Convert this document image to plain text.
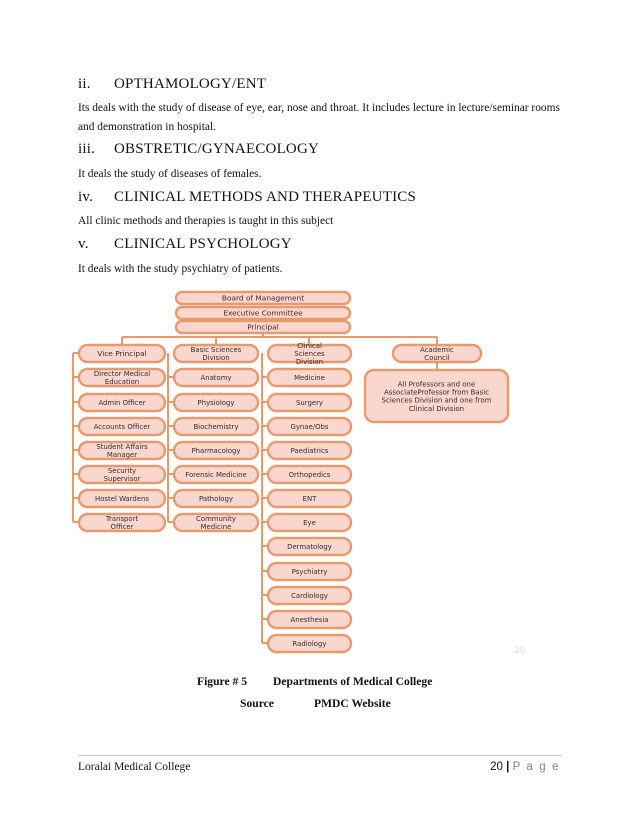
ii. OPTHAMOLOGY/ENT
Its deals with the study of disease of eye, ear, nose and throat. It includes lecture in lecture/seminar rooms and demonstration in hospital.
iii. OBSTRETIC/GYNAECOLOGY
It deals the study of diseases of females.
iv. CLINICAL METHODS AND THERAPEUTICS
All clinic methods and therapies is taught in this subject
v. CLINICAL PSYCHOLOGY
It deals with the study psychiatry of patients.
Board of Management
Executive Committee
Principal
Vice Principal
Director Medical
Education
Admin Officer
Accounts Officer
Student Affairs
Manager
Security
Supervisor
Hostel Wardens
Transport
Officer
Basic Sciences
Division
Anatomy
Physiology
Biochemistry
Pharmacology
Forensic Medicine
Pathology
Community
Medicine
Clinical
Sciences
Division
Medicine
Surgery
Gynae/Obs
Paediatrics
Orthopedics
ENT
Eye
Dermatology
Psychiatry
Cardiology
Anesthesia
Radiology
Academic
Council
All Professors and one
AssociateProfessor from Basic
Sciences Division and one from
Clinical Division
20
Figure # 5 Departments of Medical College
Source	PMDC Website
Loralai Medical College	20 | P a g e
